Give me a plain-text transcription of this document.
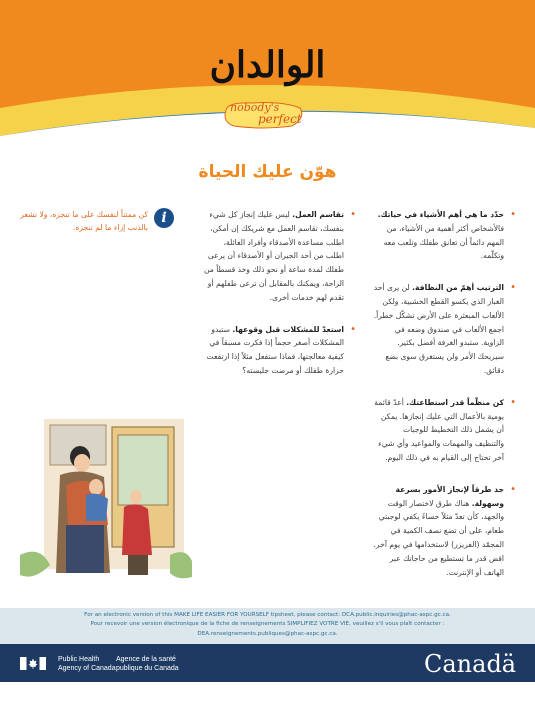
الوالدان
nobody's
perfect
هوّن عليك الحياة
•
حدّد ما هي أهم الأشياء في حياتك. فالأشخاص أكثر أهمية من الأشياء، من المهم دائماً أن تعانق طفلك وتلعب معه وتكلّمه.
•
الترتيب أهمّ من النظافة. لن يرى أحد الغبار الذي يكسو القطع الخشبية، ولكن الألعاب المبعثرة على الأرض تشكّل خطراً. اجمع الألعاب في صندوق وضعه في الزاوية. ستبدو الغرفة أفضل بكثير. سيريحك الأمر ولن يستغرق سوى بضع دقائق.
•
كن منظّماً قدر استطاعتك. أعدّ قائمة يومية بالأعمال التي عليك إنجازها. يمكن أن يشمل ذلك التخطيط للوجبات والتنظيف والمهمات والمواعيد وأي شيء آخر تحتاج إلى القيام به في ذلك اليوم.
•
جد طرقاً لإنجاز الأمور بسرعة وسهولة. هناك طرق لاختصار الوقت والجهد، كأن تعدّ مثلاً حساءً يكفي لوجبتي طعام، على أن تضع نصف الكمية في المجمّد (الفريزر) لاستخدامها في يوم آخر. اقض قدر ما تستطيع من حاجاتك عبر الهاتف أو الإنترنت.
•
تقاسم العمل. ليس عليك إنجاز كل شيء بنفسك، تقاسم العمل مع شريكك إن أمكن، اطلب مساعدة الأصدقاء وأفراد العائلة، اطلب من أحد الجيران أو الأصدقاء أن يرعى طفلك لمدة ساعة أو نحو ذلك وخذ قسطاً من الراحة، ويمكنك بالمقابل أن ترعى طفلهم أو تقدم لهم خدمات أخرى.
•
استعدّ للمشكلات قبل وقوعها. ستبدو المشكلات أصغر حجماً إذا فكرت مسبقاً في كيفية معالجتها، فماذا ستفعل مثلاً إذا ارتفعت حرارة طفلك أو مرضت جليسته؟
i
كن ممتناً لنفسك على ما تنجزه، ولا تشعر بالذنب إزاء ما لم تنجزه.
For an electronic version of this MAKE LIFE EASIER FOR YOURSELF tipsheet, please contact: DCA.public.inquiries@phac-aspc.gc.ca.
Pour recevoir une version électronique de la fiche de renseignements SIMPLIFIEZ VOTRE VIE, veuillez s'il vous plaît contacter :
DEA.renseignements.publiques@phac-aspc.gc.ca.
Public Health
Agency of Canada
Agence de la santé
publique du Canada	Canadä
